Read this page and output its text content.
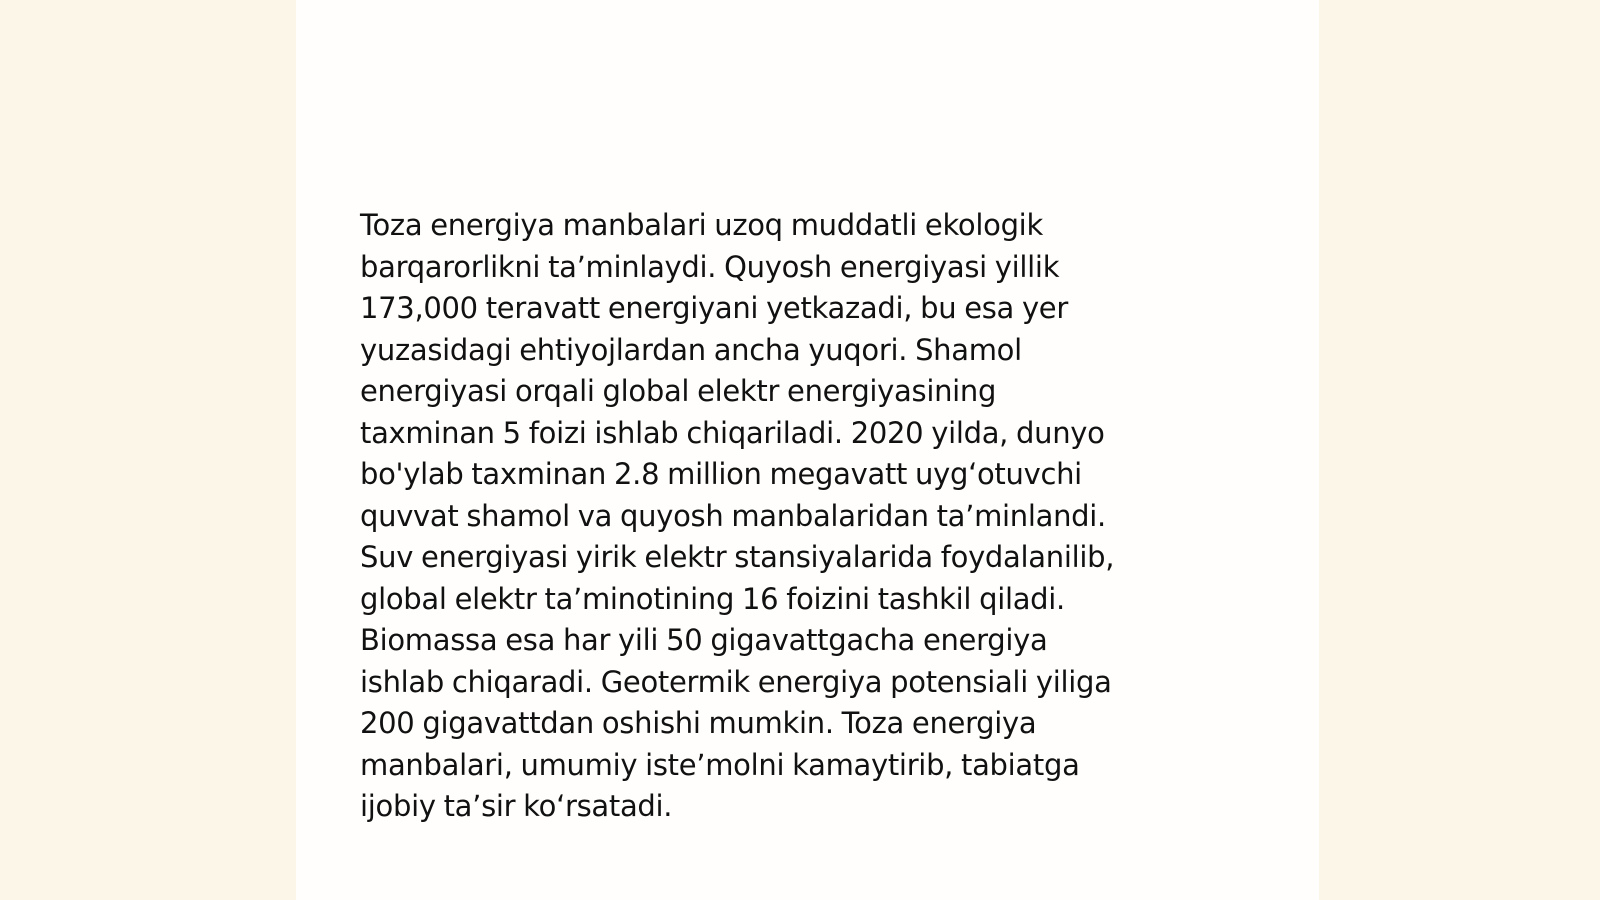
Toza energiya manbalari uzoq muddatli ekologik
barqarorlikni ta’minlaydi. Quyosh energiyasi yillik
173,000 teravatt energiyani yetkazadi, bu esa yer
yuzasidagi ehtiyojlardan ancha yuqori. Shamol
energiyasi orqali global elektr energiyasining
taxminan 5 foizi ishlab chiqariladi. 2020 yilda, dunyo
bo'ylab taxminan 2.8 million megavatt uyg‘otuvchi
quvvat shamol va quyosh manbalaridan ta’minlandi.
Suv energiyasi yirik elektr stansiyalarida foydalanilib,
global elektr ta’minotining 16 foizini tashkil qiladi.
Biomassa esa har yili 50 gigavattgacha energiya
ishlab chiqaradi. Geotermik energiya potensiali yiliga
200 gigavattdan oshishi mumkin. Toza energiya
manbalari, umumiy iste’molni kamaytirib, tabiatga
ijobiy ta’sir ko‘rsatadi.
